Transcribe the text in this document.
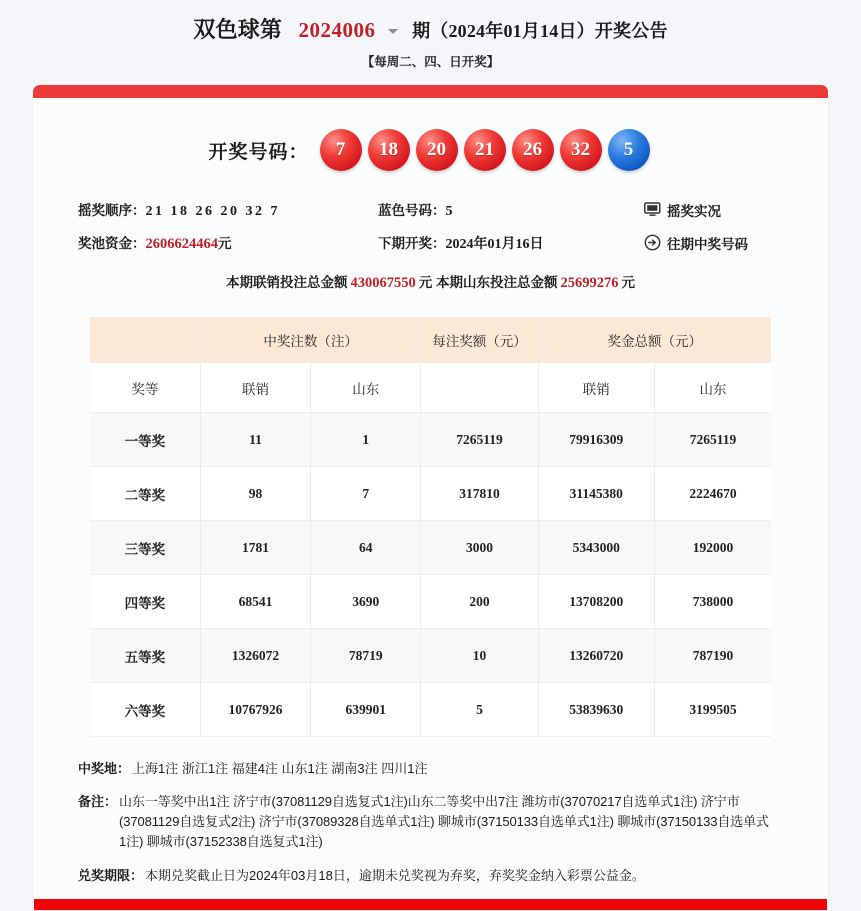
双色球第 2024006 期（2024年01月14日）开奖公告
【每周二、四、日开奖】
开奖号码：	7	18	20	21	26	32	5
摇奖顺序：21 18 26 20 32 7	蓝色号码：5	摇奖实况
奖池资金：2606624464元	下期开奖：2024年01月16日	往期中奖号码
本期联销投注总金额 430067550 元 本期山东投注总金额 25699276 元
	中奖注数（注）		每注奖额（元）	奖金总额（元）	
奖等	联销	山东		联销	山东
一等奖	11	1	7265119	79916309	7265119
二等奖	98	7	317810	31145380	2224670
三等奖	1781	64	3000	5343000	192000
四等奖	68541	3690	200	13708200	738000
五等奖	1326072	78719	10	13260720	787190
六等奖	10767926	639901	5	53839630	3199505
中奖地： 上海1注 浙江1注 福建4注 山东1注 湖南3注 四川1注
备注： 山东一等奖中出1注 济宁市(37081129自选复式1注)山东二等奖中出7注 潍坊市(37070217自选单式1注) 济宁市(37081129自选复式2注) 济宁市(37089328自选单式1注) 聊城市(37150133自选单式1注) 聊城市(37150133自选单式1注) 聊城市(37152338自选复式1注)
兑奖期限： 本期兑奖截止日为2024年03月18日，逾期未兑奖视为弃奖，弃奖奖金纳入彩票公益金。
